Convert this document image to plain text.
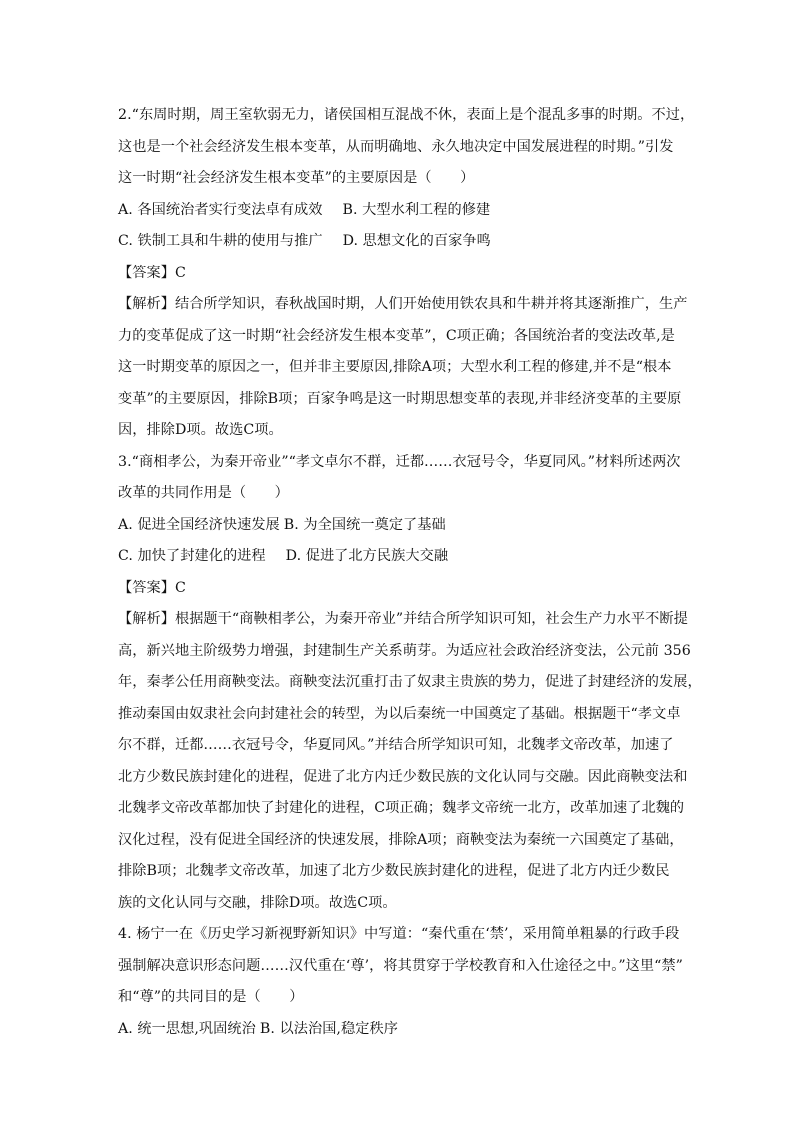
2.“东周时期，周王室软弱无力，诸侯国相互混战不休，表面上是个混乱多事的时期。不过，
这也是一个社会经济发生根本变革，从而明确地、永久地决定中国发展进程的时期。”引发
这一时期“社会经济发生根本变革”的主要原因是（　　）
A. 各国统治者实行变法卓有成效 B. 大型水利工程的修建
C. 铁制工具和牛耕的使用与推广 D. 思想文化的百家争鸣
【答案】C
【解析】结合所学知识，春秋战国时期，人们开始使用铁农具和牛耕并将其逐渐推广，生产
力的变革促成了这一时期“社会经济发生根本变革”，C项正确；各国统治者的变法改革,是
这一时期变革的原因之一，但并非主要原因,排除A项；大型水利工程的修建,并不是“根本
变革”的主要原因，排除B项；百家争鸣是这一时期思想变革的表现,并非经济变革的主要原
因，排除D项。故选C项。
3.“商相孝公，为秦开帝业”“孝文卓尔不群，迁都……衣冠号令，华夏同风。”材料所述两次
改革的共同作用是（　　）
A. 促进全国经济快速发展 B. 为全国统一奠定了基础
C. 加快了封建化的进程 D. 促进了北方民族大交融
【答案】C
【解析】根据题干“商鞅相孝公，为秦开帝业”并结合所学知识可知，社会生产力水平不断提
高，新兴地主阶级势力增强，封建制生产关系萌芽。为适应社会政治经济变法，公元前 356
年，秦孝公任用商鞅变法。商鞅变法沉重打击了奴隶主贵族的势力，促进了封建经济的发展，
推动秦国由奴隶社会向封建社会的转型，为以后秦统一中国奠定了基础。根据题干“孝文卓
尔不群，迁都……衣冠号令，华夏同风。”并结合所学知识可知，北魏孝文帝改革，加速了
北方少数民族封建化的进程，促进了北方内迁少数民族的文化认同与交融。因此商鞅变法和
北魏孝文帝改革都加快了封建化的进程，C项正确；魏孝文帝统一北方，改革加速了北魏的
汉化过程，没有促进全国经济的快速发展，排除A项；商鞅变法为秦统一六国奠定了基础，
排除B项；北魏孝文帝改革，加速了北方少数民族封建化的进程，促进了北方内迁少数民
族的文化认同与交融，排除D项。故选C项。
4. 杨宁一在《历史学习新视野新知识》中写道：“秦代重在‘禁’，采用简单粗暴的行政手段
强制解决意识形态问题……汉代重在‘尊’，将其贯穿于学校教育和入仕途径之中。”这里“禁”
和“尊”的共同目的是（　　）
A. 统一思想,巩固统治 B. 以法治国,稳定秩序
